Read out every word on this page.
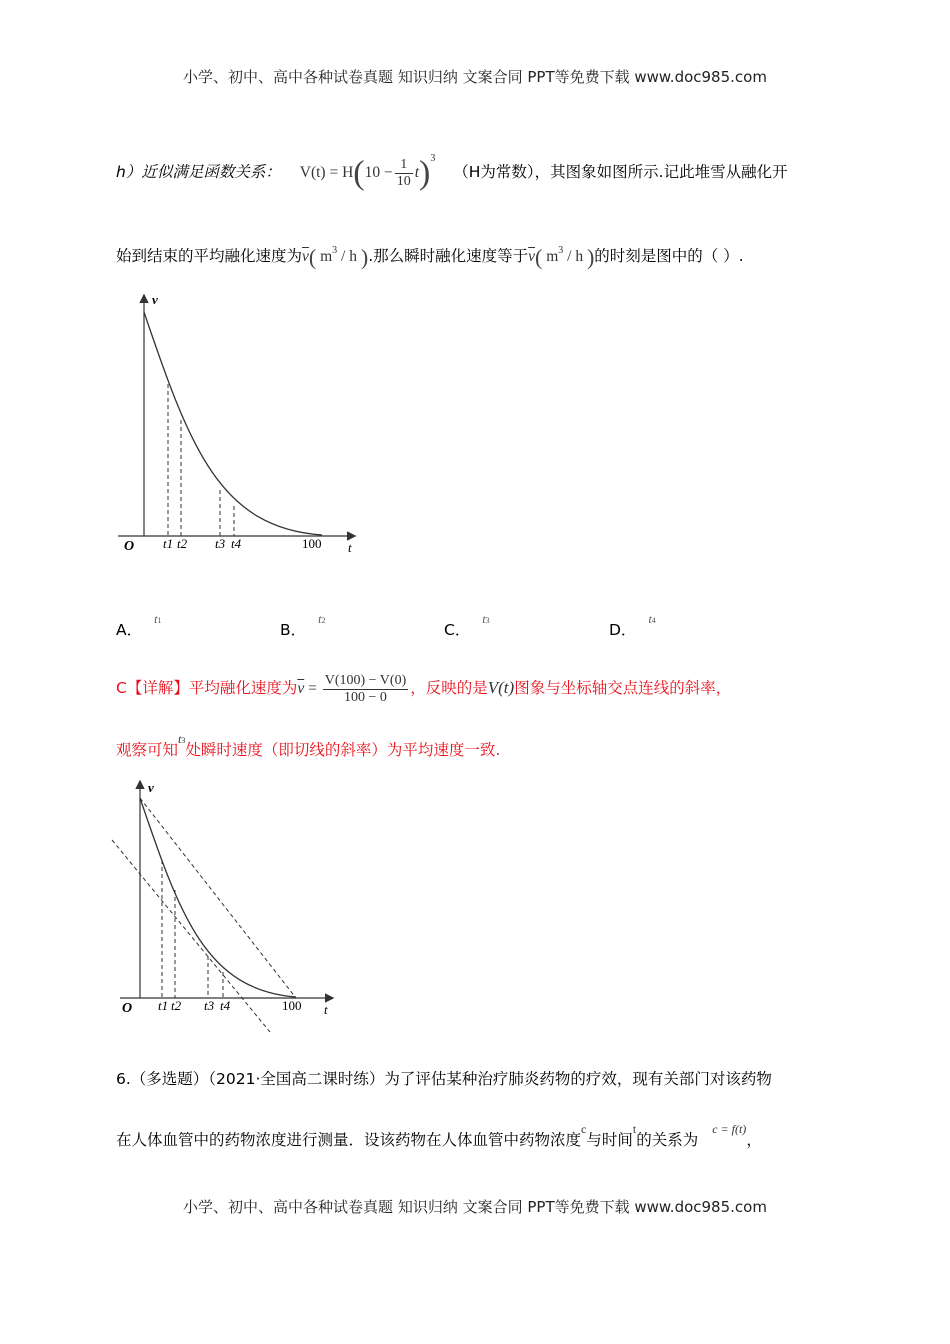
小学、初中、高中各种试卷真题 知识归纳 文案合同 PPT等免费下载 www.doc985.com
h）近似满足函数关系： $V(t) = H(10 - \frac{1}{10} t)^3$ （H为常数），其图象如图所示.记此堆雪从融化开
始到结束的平均融化速度为$\overline{v}$( $m^3$ / h ).那么瞬时融化速度等于$\overline{v}$( $m^3$ / h )的时刻是图中的（ ）.
v
t
O	100
t1 t2 t3 t4
A．$^{t1}$
B．$^{t2}$
C．$^{t3}$
D．$^{t4}$
C【详解】平均融化速度为$\overline{v} = \frac{V(100) - V(0)}{100 - 0}$ ，反映的是V(t)图象与坐标轴交点连线的斜率，
观察可知$^{t3}$处瞬时速度（即切线的斜率）为平均速度一致.
v
t
O	100
t1 t2 t3 t4
6.（多选题）（2021·全国高二课时练）为了评估某种治疗肺炎药物的疗效，现有关部门对该药物
在人体血管中的药物浓度进行测量．设该药物在人体血管中药物浓度$^c$与时间$^t$的关系为$^{c = f(t)}$，
小学、初中、高中各种试卷真题 知识归纳 文案合同 PPT等免费下载 www.doc985.com
